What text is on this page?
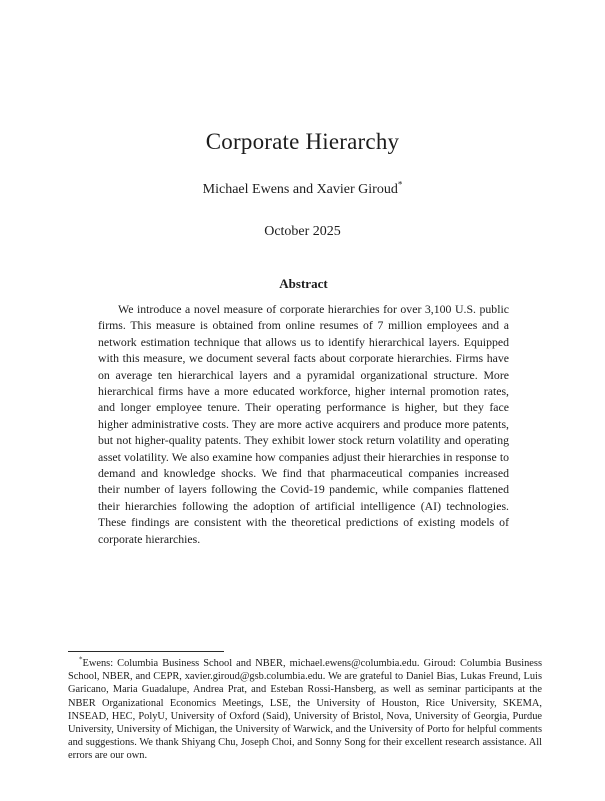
Corporate Hierarchy
Michael Ewens and Xavier Giroud*
October 2025
Abstract

We introduce a novel measure of corporate hierarchies for over 3,100 U.S. public firms. This measure is obtained from online resumes of 7 million employees and a network estimation technique that allows us to identify hierarchical layers. Equipped with this measure, we document several facts about corporate hierarchies. Firms have on average ten hierarchical layers and a pyramidal organizational structure. More hierarchical firms have a more educated workforce, higher internal promotion rates, and longer employee tenure. Their operating performance is higher, but they face higher administrative costs. They are more active acquirers and produce more patents, but not higher-quality patents. They exhibit lower stock return volatility and operating asset volatility. We also examine how companies adjust their hierarchies in response to demand and knowledge shocks. We find that pharmaceutical companies increased their number of layers following the Covid-19 pandemic, while companies flattened their hierarchies following the adoption of artificial intelligence (AI) technologies. These findings are consistent with the theoretical predictions of existing models of corporate hierarchies.

*Ewens: Columbia Business School and NBER, michael.ewens@columbia.edu. Giroud: Columbia Business School, NBER, and CEPR, xavier.giroud@gsb.columbia.edu. We are grateful to Daniel Bias, Lukas Freund, Luis Garicano, Maria Guadalupe, Andrea Prat, and Esteban Rossi-Hansberg, as well as seminar participants at the NBER Organizational Economics Meetings, LSE, the University of Houston, Rice University, SKEMA, INSEAD, HEC, PolyU, University of Oxford (Said), University of Bristol, Nova, University of Georgia, Purdue University, University of Michigan, the University of Warwick, and the University of Porto for helpful comments and suggestions. We thank Shiyang Chu, Joseph Choi, and Sonny Song for their excellent research assistance. All errors are our own.
